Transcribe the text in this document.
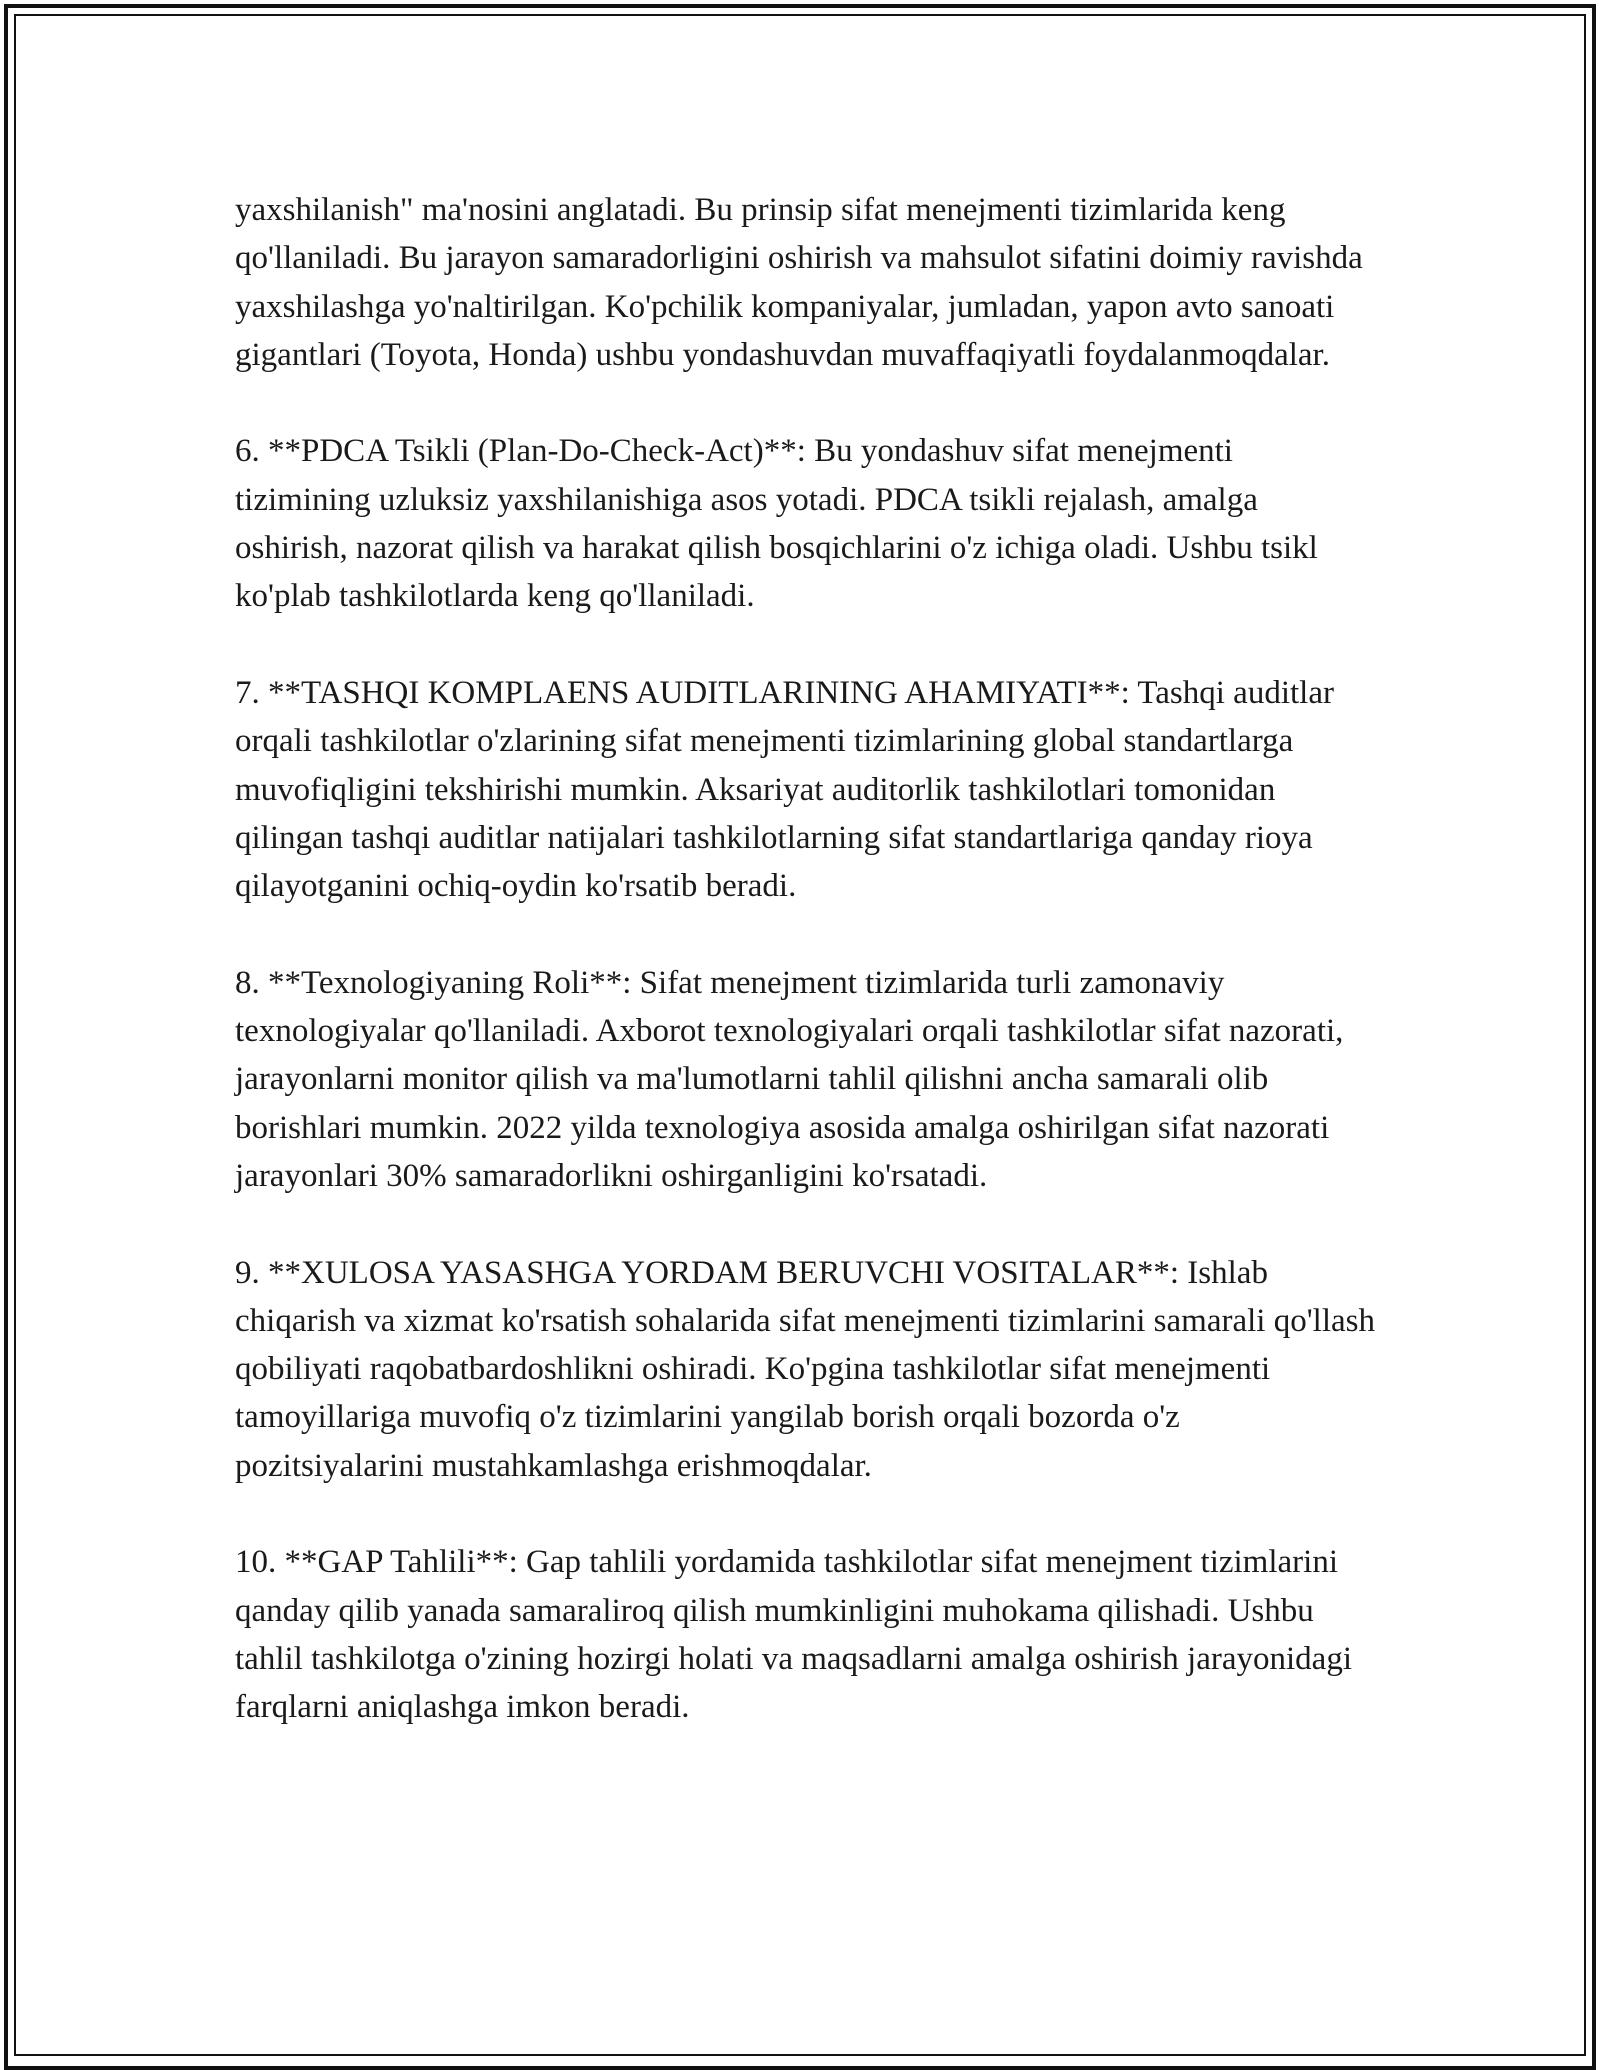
yaxshilanish" ma'nosini anglatadi. Bu prinsip sifat menejmenti tizimlarida keng qo'llaniladi. Bu jarayon samaradorligini oshirish va mahsulot sifatini doimiy ravishda yaxshilashga yo'naltirilgan. Ko'pchilik kompaniyalar, jumladan, yapon avto sanoati gigantlari (Toyota, Honda) ushbu yondashuvdan muvaffaqiyatli foydalanmoqdalar.

6. **PDCA Tsikli (Plan-Do-Check-Act)**: Bu yondashuv sifat menejmenti tizimining uzluksiz yaxshilanishiga asos yotadi. PDCA tsikli rejalash, amalga oshirish, nazorat qilish va harakat qilish bosqichlarini o'z ichiga oladi. Ushbu tsikl ko'plab tashkilotlarda keng qo'llaniladi.

7. **TASHQI KOMPLAENS AUDITLARINING AHAMIYATI**: Tashqi auditlar orqali tashkilotlar o'zlarining sifat menejmenti tizimlarining global standartlarga muvofiqligini tekshirishi mumkin. Aksariyat auditorlik tashkilotlari tomonidan qilingan tashqi auditlar natijalari tashkilotlarning sifat standartlariga qanday rioya qilayotganini ochiq-oydin ko'rsatib beradi.

8. **Texnologiyaning Roli**: Sifat menejment tizimlarida turli zamonaviy texnologiyalar qo'llaniladi. Axborot texnologiyalari orqali tashkilotlar sifat nazorati, jarayonlarni monitor qilish va ma'lumotlarni tahlil qilishni ancha samarali olib borishlari mumkin. 2022 yilda texnologiya asosida amalga oshirilgan sifat nazorati jarayonlari 30% samaradorlikni oshirganligini ko'rsatadi.

9. **XULOSA YASASHGA YORDAM BERUVCHI VOSITALAR**: Ishlab chiqarish va xizmat ko'rsatish sohalarida sifat menejmenti tizimlarini samarali qo'llash qobiliyati raqobatbardoshlikni oshiradi. Ko'pgina tashkilotlar sifat menejmenti tamoyillariga muvofiq o'z tizimlarini yangilab borish orqali bozorda o'z pozitsiyalarini mustahkamlashga erishmoqdalar.

10. **GAP Tahlili**: Gap tahlili yordamida tashkilotlar sifat menejment tizimlarini qanday qilib yanada samaraliroq qilish mumkinligini muhokama qilishadi. Ushbu tahlil tashkilotga o'zining hozirgi holati va maqsadlarni amalga oshirish jarayonidagi farqlarni aniqlashga imkon beradi.
